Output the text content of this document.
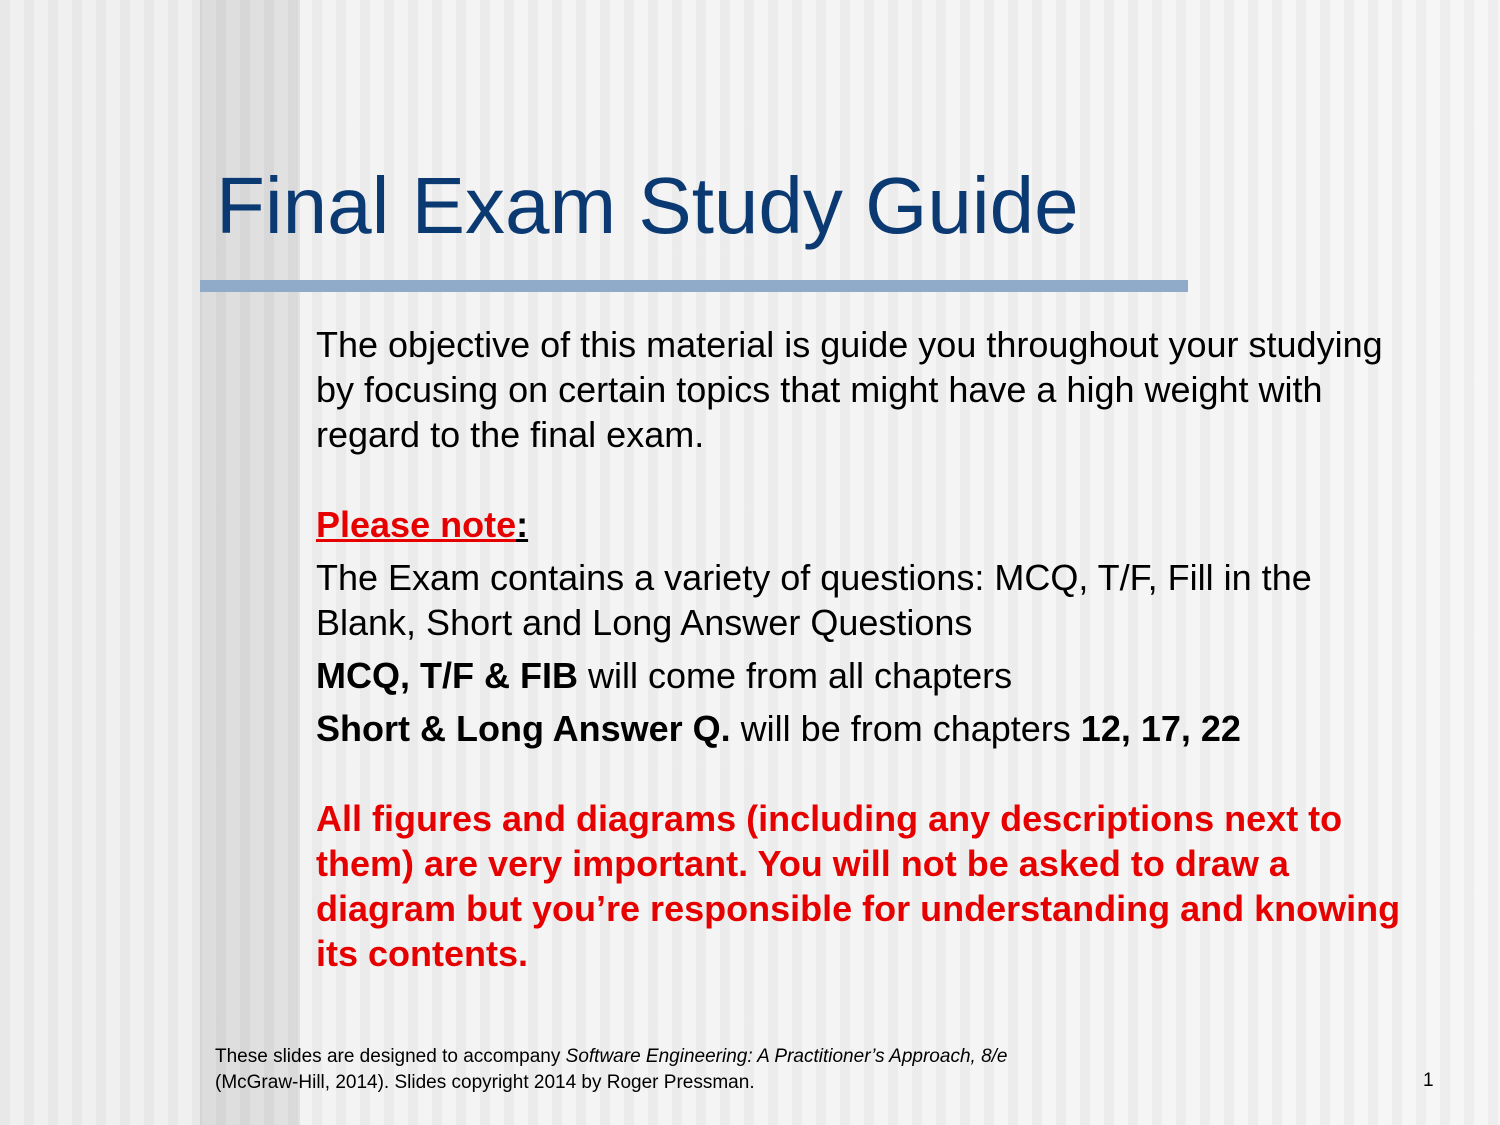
Final Exam Study Guide

The objective of this material is guide you throughout your studying by focusing on certain topics that might have a high weight with regard to the final exam.

Please note:

The Exam contains a variety of questions: MCQ, T/F, Fill in the Blank, Short and Long Answer Questions

MCQ, T/F & FIB will come from all chapters

Short & Long Answer Q. will be from chapters 12, 17, 22

All figures and diagrams (including any descriptions next to them) are very important. You will not be asked to draw a diagram but you’re responsible for understanding and knowing its contents.

These slides are designed to accompany Software Engineering: A Practitioner’s Approach, 8/e
(McGraw-Hill, 2014). Slides copyright 2014 by Roger Pressman.	1
